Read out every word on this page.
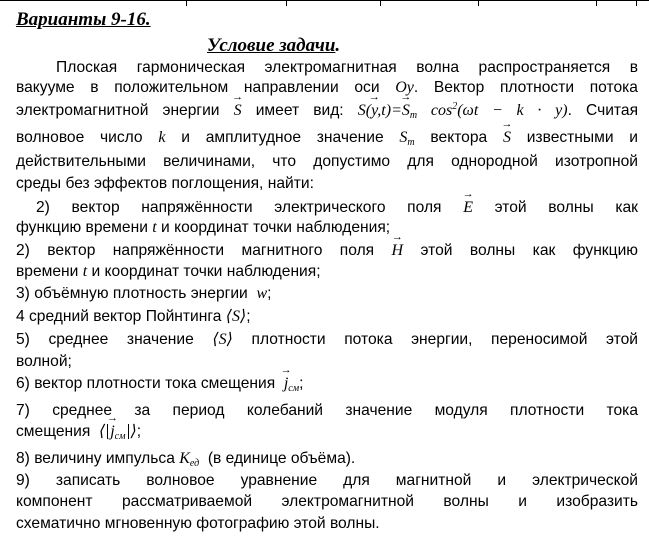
Варианты 9-16.
Условие задачи.
Плоская гармоническая электромагнитная волна распространяется в
вакууме в положительном направлении оси Oy. Вектор плотности потока
электромагнитной энергии → S имеет вид: → $S(y,t)=\to S_m$ $\cos^2(\omega t - k \cdot y)$. Считая
волновое число k и амплитудное значение $S_m$ вектора → S известными и
действительными величинами, что допустимо для однородной изотропной
среды без эффектов поглощения, найти:
2) вектор напряжённости электрического поля → E этой волны как
функцию времени t и координат точки наблюдения;
2) вектор напряжённости магнитного поля → H этой волны как функцию
времени t и координат точки наблюдения;
3) объёмную плотность энергии w;
4 средний вектор Пойнтинга ⟨S⟩;
5) среднее значение ⟨S⟩ плотности потока энергии, переносимой этой
волной;
6) вектор плотности тока смещения → $j_{см}$;
7) среднее за период колебаний значение модуля плотности тока
смещения ⟨ → $j_{см}$ ⟩;
8) величину импульса $K_{ед}$ (в единице объёма).
9) записать волновое уравнение для магнитной и электрической
компонент рассматриваемой электромагнитной волны и изобразить
схематично мгновенную фотографию этой волны.
